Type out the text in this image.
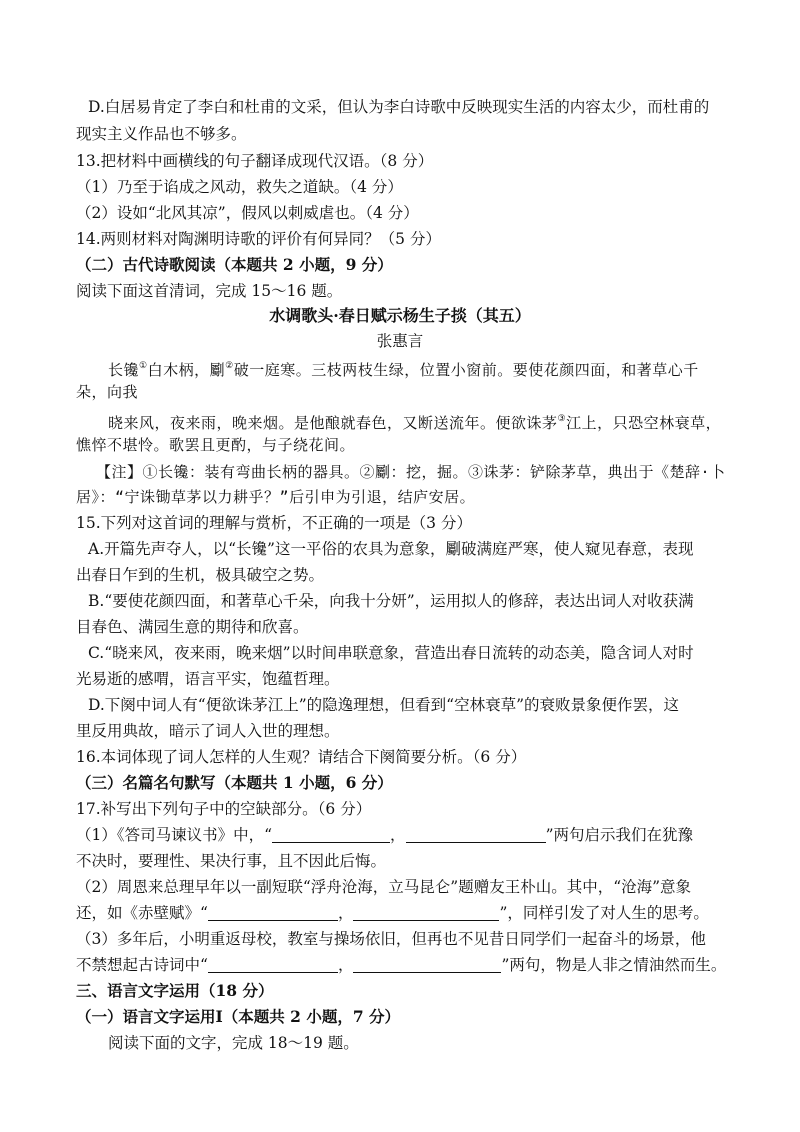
D.白居易肯定了李白和杜甫的文采，但认为李白诗歌中反映现实生活的内容太少，而杜甫的
现实主义作品也不够多。
13.把材料中画横线的句子翻译成现代汉语。（8 分）
（1）乃至于谄成之风动，救失之道缺。（4 分）
（2）设如“北风其凉”，假风以刺威虐也。（4 分）
14.两则材料对陶渊明诗歌的评价有何异同？（5 分）
（二）古代诗歌阅读（本题共 2 小题，9 分）
阅读下面这首清词，完成 15～16 题。
水调歌头·春日赋示杨生子掞（其五）
张惠言
长镵①白木柄，劚②破一庭寒。三枝两枝生绿，位置小窗前。要使花颜四面，和著草心千
朵，向我
晓来风，夜来雨，晚来烟。是他酿就春色，又断送流年。便欲诛茅③江上，只恐空林衰草，
憔悴不堪怜。歌罢且更酌，与子绕花间。
【注】①长镵：装有弯曲长柄的器具。②劚：挖，掘。③诛茅：铲除茅草，典出于《楚辞·卜
居》：“宁诛锄草茅以力耕乎？”后引申为引退，结庐安居。
15.下列对这首词的理解与赏析，不正确的一项是（3 分）
A.开篇先声夺人，以“长镵”这一平俗的农具为意象，劚破满庭严寒，使人窥见春意，表现
出春日乍到的生机，极具破空之势。
B.“要使花颜四面，和著草心千朵，向我十分妍”，运用拟人的修辞，表达出词人对收获满
目春色、满园生意的期待和欣喜。
C.“晓来风，夜来雨，晚来烟”以时间串联意象，营造出春日流转的动态美，隐含词人对时
光易逝的感喟，语言平实，饱蕴哲理。
D.下阕中词人有“便欲诛茅江上”的隐逸理想，但看到“空林衰草”的衰败景象便作罢，这
里反用典故，暗示了词人入世的理想。
16.本词体现了词人怎样的人生观？请结合下阕简要分析。（6 分）
（三）名篇名句默写（本题共 1 小题，6 分）
17.补写出下列句子中的空缺部分。（6 分）
（1）《答司马谏议书》中，“	，	”两句启示我们在犹豫
不决时，要理性、果决行事，且不因此后悔。
（2）周恩来总理早年以一副短联“浮舟沧海，立马昆仑”题赠友王朴山。其中，“沧海”意象
还，如《赤壁赋》“	，	”，同样引发了对人生的思考。
（3）多年后，小明重返母校，教室与操场依旧，但再也不见昔日同学们一起奋斗的场景，他
不禁想起古诗词中“	，	”两句，物是人非之情油然而生。
三、语言文字运用（18 分）
（一）语言文字运用Ⅰ（本题共 2 小题，7 分）
阅读下面的文字，完成 18～19 题。
